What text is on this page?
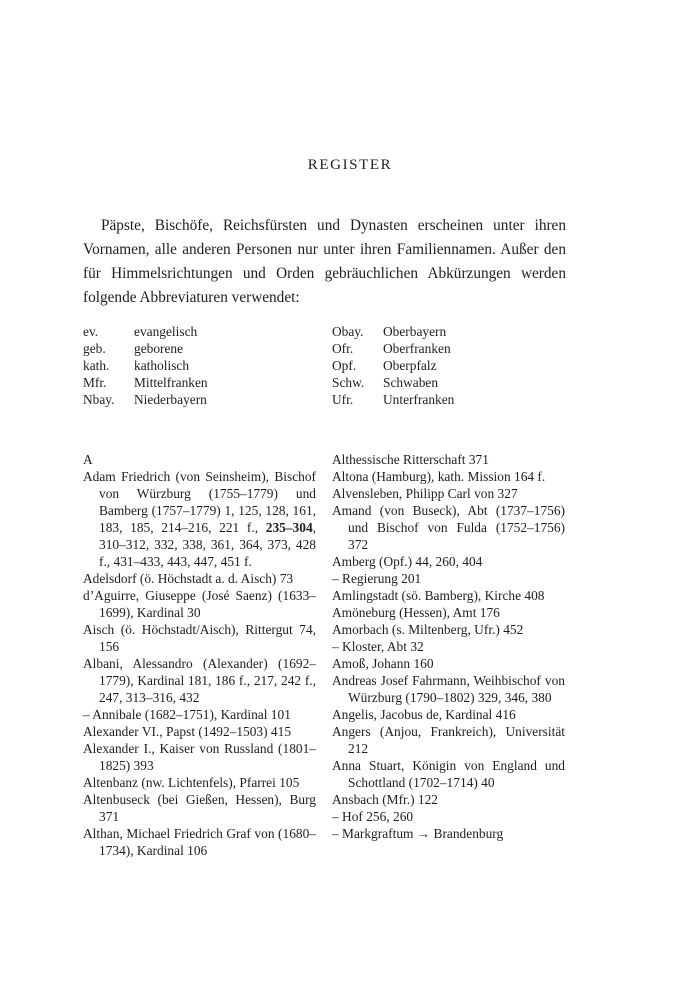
REGISTER

Päpste, Bischöfe, Reichsfürsten und Dynasten erscheinen unter ihren Vornamen, alle anderen Personen nur unter ihren Familiennamen. Außer den für Himmelsrichtungen und Orden gebräuchlichen Abkürzungen werden folgende Abbreviaturen verwendet:

ev.	evangelisch
geb.	geborene
kath.	katholisch
Mfr.	Mittelfranken
Nbay.	Niederbayern
Obay.	Oberbayern
Ofr.	Oberfranken
Opf.	Oberpfalz
Schw.	Schwaben
Ufr.	Unterfranken
A
Adam Friedrich (von Seinsheim), Bischof von Würzburg (1755–1779) und Bamberg (1757–1779) 1, 125, 128, 161, 183, 185, 214–216, 221 f., 235–304, 310–312, 332, 338, 361, 364, 373, 428 f., 431–433, 443, 447, 451 f.
Adelsdorf (ö. Höchstadt a. d. Aisch) 73
d’Aguirre, Giuseppe (José Saenz) (1633–1699), Kardinal 30
Aisch (ö. Höchstadt/Aisch), Rittergut 74, 156
Albani, Alessandro (Alexander) (1692–1779), Kardinal 181, 186 f., 217, 242 f., 247, 313–316, 432
– Annibale (1682–1751), Kardinal 101
Alexander VI., Papst (1492–1503) 415
Alexander I., Kaiser von Russland (1801–1825) 393
Altenbanz (nw. Lichtenfels), Pfarrei 105
Altenbuseck (bei Gießen, Hessen), Burg 371
Althan, Michael Friedrich Graf von (1680–1734), Kardinal 106
Althessische Ritterschaft 371
Altona (Hamburg), kath. Mission 164 f.
Alvensleben, Philipp Carl von 327
Amand (von Buseck), Abt (1737–1756) und Bischof von Fulda (1752–1756) 372
Amberg (Opf.) 44, 260, 404
– Regierung 201
Amlingstadt (sö. Bamberg), Kirche 408
Amöneburg (Hessen), Amt 176
Amorbach (s. Miltenberg, Ufr.) 452
– Kloster, Abt 32
Amoß, Johann 160
Andreas Josef Fahrmann, Weihbischof von Würzburg (1790–1802) 329, 346, 380
Angelis, Jacobus de, Kardinal 416
Angers (Anjou, Frankreich), Universität 212
Anna Stuart, Königin von England und Schottland (1702–1714) 40
Ansbach (Mfr.) 122
– Hof 256, 260
– Markgraftum → Brandenburg
